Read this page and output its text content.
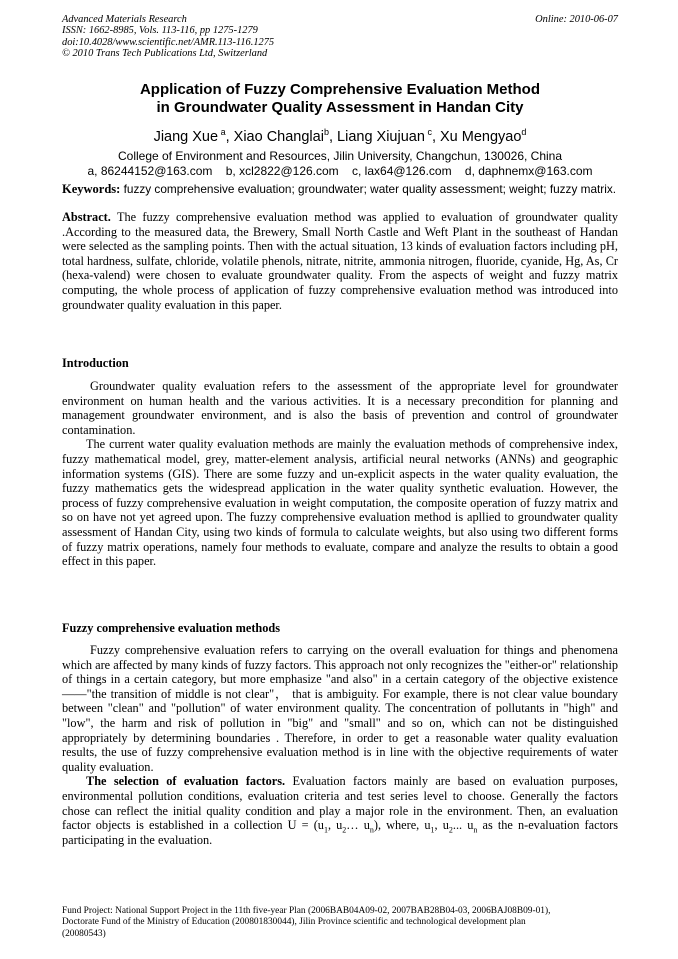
Advanced Materials Research
ISSN: 1662-8985, Vols. 113-116, pp 1275-1279
doi:10.4028/www.scientific.net/AMR.113-116.1275
© 2010 Trans Tech Publications Ltd, Switzerland
Online: 2010-06-07
Application of Fuzzy Comprehensive Evaluation Method
in Groundwater Quality Assessment in Handan City
Jiang Xue $^a$, Xiao Changlai$^b$, Liang Xiujuan $^c$, Xu Mengyao$^d$
College of Environment and Resources, Jilin University, Changchun, 130026, China
a, 86244152@163.com    b, xcl2822@126.com    c, lax64@126.com    d, daphnemx@163.com
Keywords: fuzzy comprehensive evaluation; groundwater; water quality assessment; weight; fuzzy matrix.
Abstract. The fuzzy comprehensive evaluation method was applied to evaluation of groundwater quality .According to the measured data, the Brewery, Small North Castle and Weft Plant in the southeast of Handan were selected as the sampling points. Then with the actual situation, 13 kinds of evaluation factors including pH, total hardness, sulfate, chloride, volatile phenols, nitrate, nitrite, ammonia nitrogen, fluoride, cyanide, Hg, As, Cr (hexa-valend) were chosen to evaluate groundwater quality. From the aspects of weight and fuzzy matrix computing, the whole process of application of fuzzy comprehensive evaluation method was introduced into groundwater quality evaluation in this paper.
Introduction

Groundwater quality evaluation refers to the assessment of the appropriate level for groundwater environment on human health and the various activities. It is a necessary precondition for planning and management groundwater environment, and is also the basis of prevention and control of groundwater contamination.

The current water quality evaluation methods are mainly the evaluation methods of comprehensive index, fuzzy mathematical model, grey, matter-element analysis, artificial neural networks (ANNs) and geographic information systems (GIS). There are some fuzzy and un-explicit aspects in the water quality evaluation, the fuzzy mathematics gets the widespread application in the water quality synthetic evaluation. However, the process of fuzzy comprehensive evaluation in weight computation, the composite operation of fuzzy matrix and so on have not yet agreed upon. The fuzzy comprehensive evaluation method is apllied to groundwater quality assessment of Handan City, using two kinds of formula to calculate weights, but also using two different forms of fuzzy matrix operations, namely four methods to evaluate, compare and analyze the results to obtain a good effect in this paper.

Fuzzy comprehensive evaluation methods

Fuzzy comprehensive evaluation refers to carrying on the overall evaluation for things and phenomena which are affected by many kinds of fuzzy factors. This approach not only recognizes the "either-or" relationship of things in a certain category, but more emphasize "and also" in a certain category of the objective existence ——"the transition of middle is not clear"， that is ambiguity. For example, there is not clear value boundary between "clean" and "pollution" of water environment quality. The concentration of pollutants in "high" and "low", the harm and risk of pollution in "big" and "small" and so on, which can not be distinguished appropriately by determining boundaries . Therefore, in order to get a reasonable water quality evaluation results, the use of fuzzy comprehensive evaluation method is in line with the objective requirements of water quality evaluation.

The selection of evaluation factors. Evaluation factors mainly are based on evaluation purposes, environmental pollution conditions, evaluation criteria and test series level to choose. Generally the factors chose can reflect the initial quality condition and play a major role in the environment. Then, an evaluation factor objects is established in a collection $U = (u_1$, $u_2\dots$ $u_n$), where, $u_1$, $u_2$... $u_n$ as the n-evaluation factors participating in the evaluation.

Fund Project: National Support Project in the 11th five-year Plan (2006BAB04A09-02, 2007BAB28B04-03, 2006BAJ08B09-01),
Doctorate Fund of the Ministry of Education (200801830044), Jilin Province scientific and technological development plan
(20080543)
